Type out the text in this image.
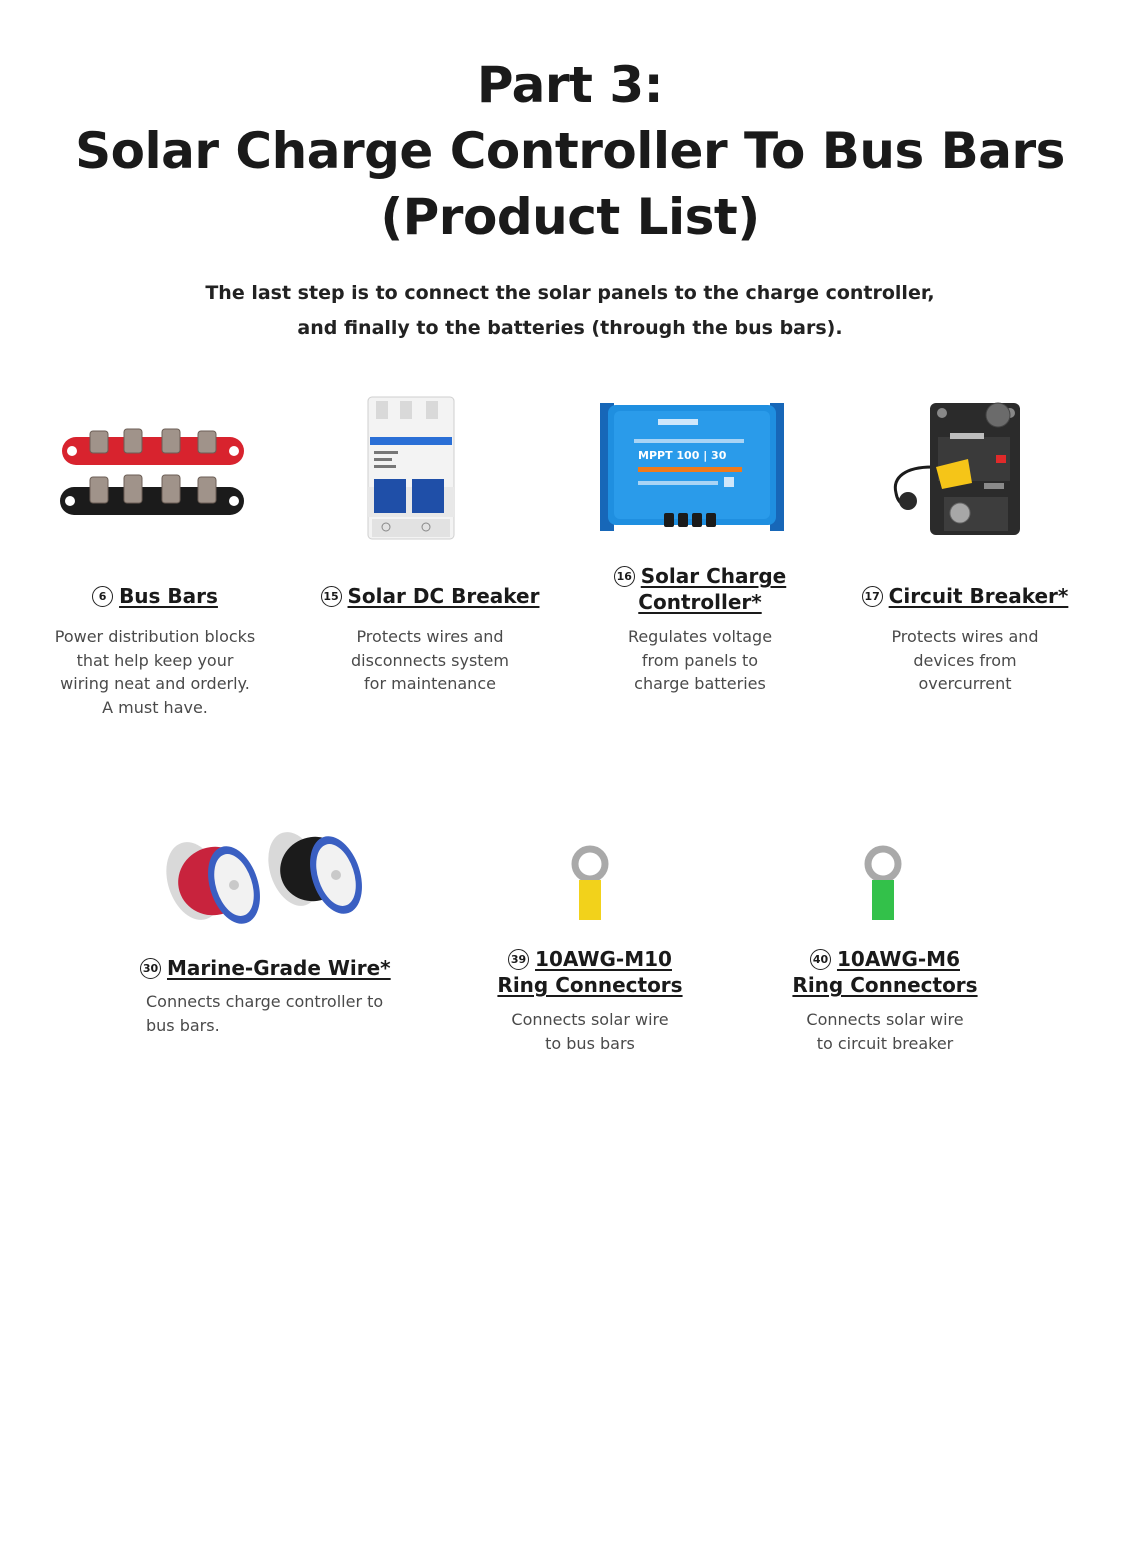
Part 3:
Solar Charge Controller To Bus Bars
(Product List)
The last step is to connect the solar panels to the charge controller,
and finally to the batteries (through the bus bars).
6 Bus Bars
Power distribution blocks
that help keep your
wiring neat and orderly.
A must have.
15 Solar DC Breaker
Protects wires and
disconnects system
for maintenance
MPPT 100 | 30
16 Solar Charge
Controller*
Regulates voltage
from panels to
charge batteries
17 Circuit Breaker*
Protects wires and
devices from
overcurrent
30 Marine-Grade Wire*
Connects charge controller to
bus bars.
39 10AWG-M10
Ring Connectors
Connects solar wire
to bus bars
40 10AWG-M6
Ring Connectors
Connects solar wire
to circuit breaker
